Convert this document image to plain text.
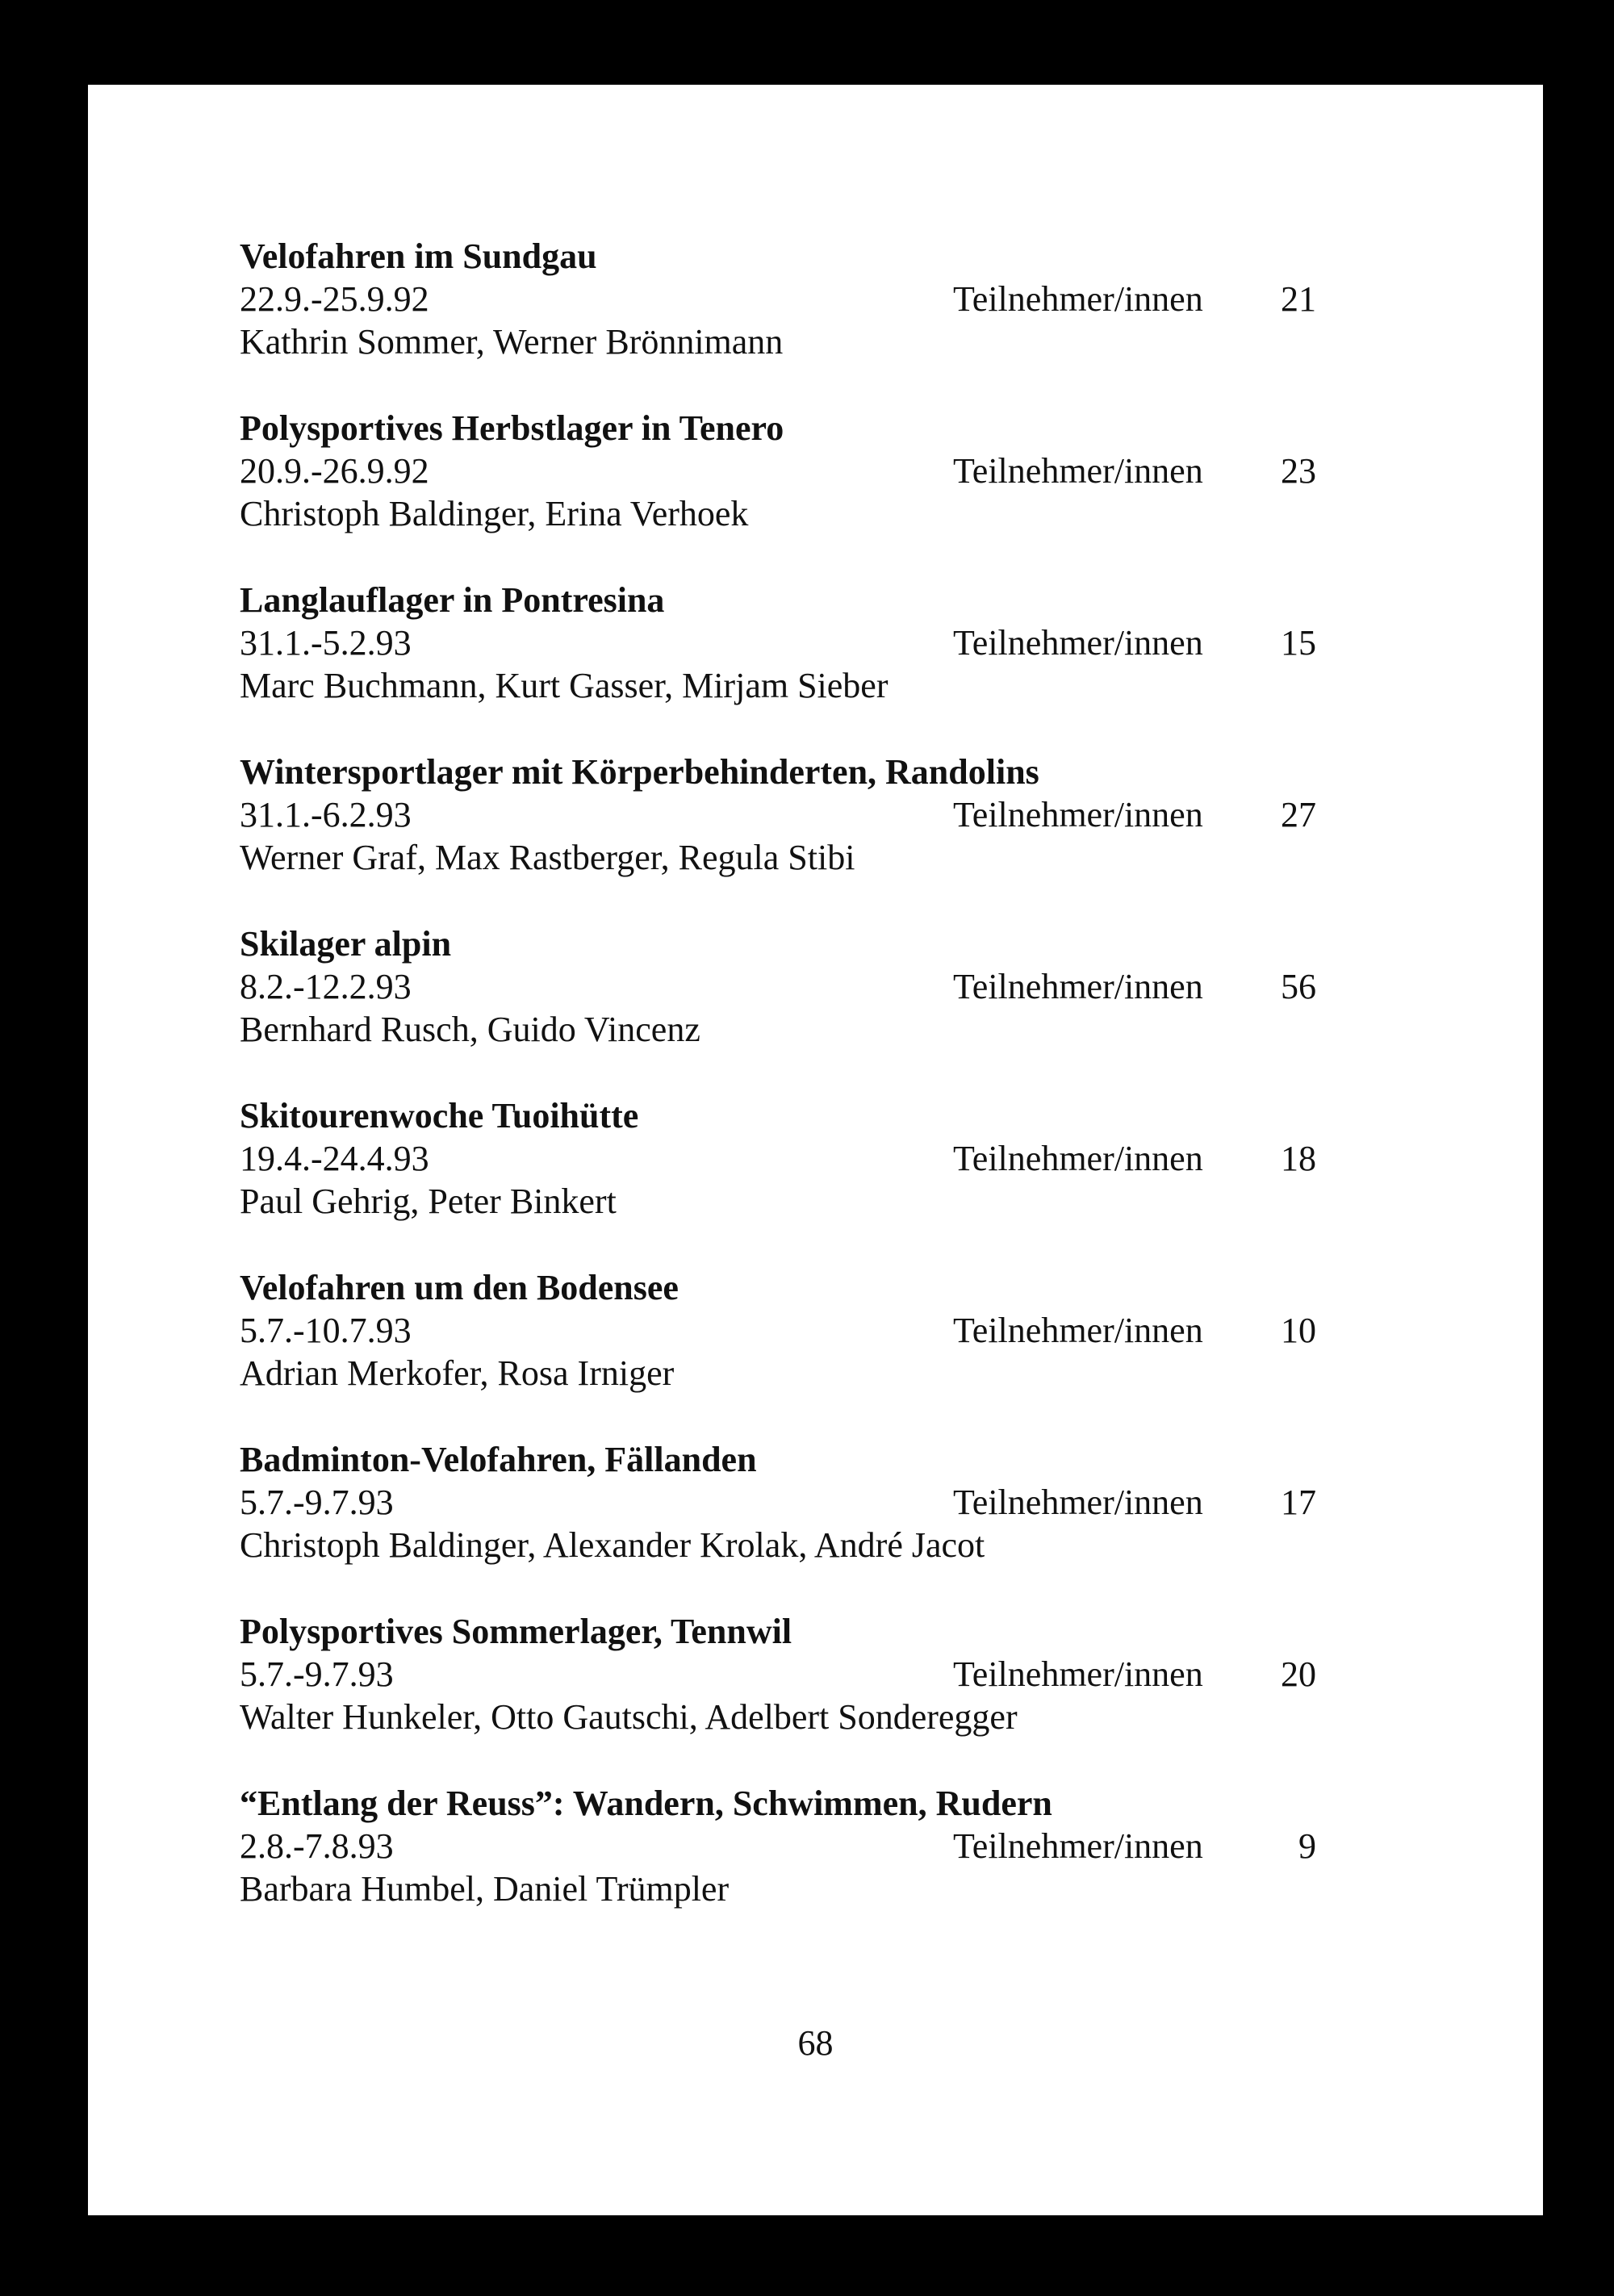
Velofahren im Sundgau
22.9.-25.9.92	Teilnehmer/innen 21
Kathrin Sommer, Werner Brönnimann
Polysportives Herbstlager in Tenero
20.9.-26.9.92	Teilnehmer/innen 23
Christoph Baldinger, Erina Verhoek
Langlauflager in Pontresina
31.1.-5.2.93	Teilnehmer/innen 15
Marc Buchmann, Kurt Gasser, Mirjam Sieber
Wintersportlager mit Körperbehinderten, Randolins
31.1.-6.2.93	Teilnehmer/innen 27
Werner Graf, Max Rastberger, Regula Stibi
Skilager alpin
8.2.-12.2.93	Teilnehmer/innen 56
Bernhard Rusch, Guido Vincenz
Skitourenwoche Tuoihütte
19.4.-24.4.93	Teilnehmer/innen 18
Paul Gehrig, Peter Binkert
Velofahren um den Bodensee
5.7.-10.7.93	Teilnehmer/innen 10
Adrian Merkofer, Rosa Irniger
Badminton-Velofahren, Fällanden
5.7.-9.7.93	Teilnehmer/innen 17
Christoph Baldinger, Alexander Krolak, André Jacot
Polysportives Sommerlager, Tennwil
5.7.-9.7.93	Teilnehmer/innen 20
Walter Hunkeler, Otto Gautschi, Adelbert Sonderegger
“Entlang der Reuss”: Wandern, Schwimmen, Rudern
2.8.-7.8.93	Teilnehmer/innen	9
Barbara Humbel, Daniel Trümpler
68
